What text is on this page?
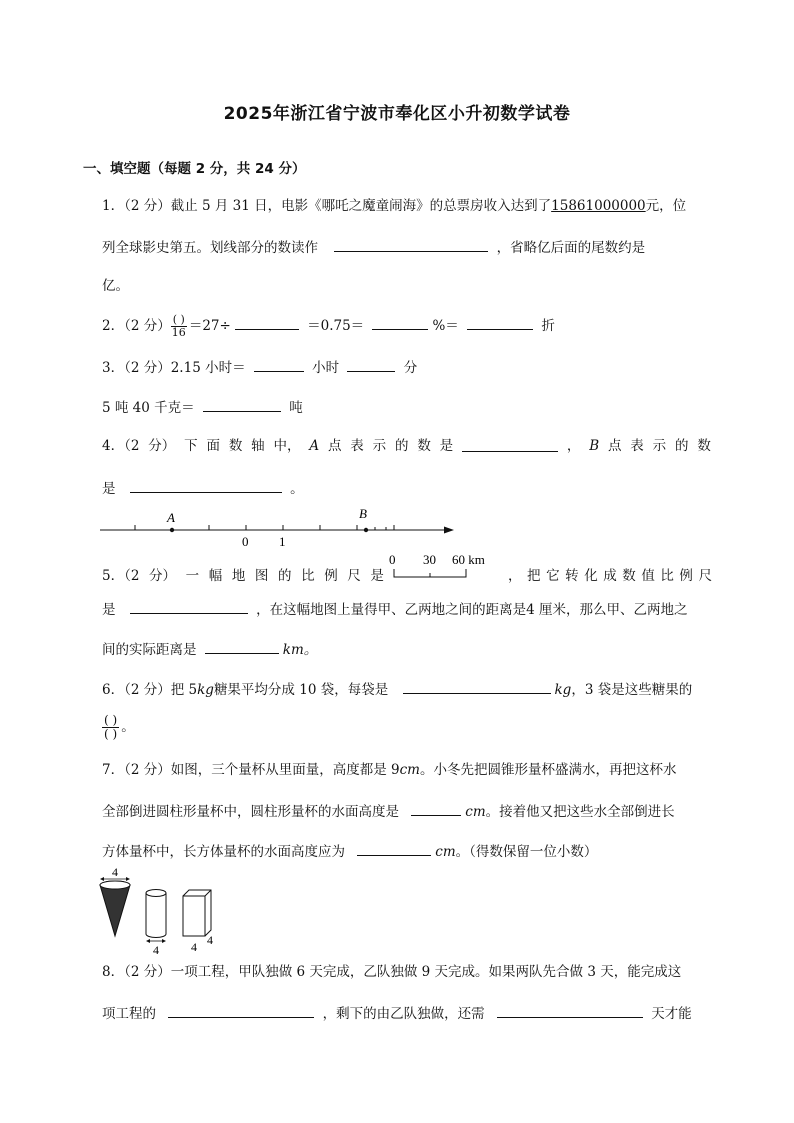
2025年浙江省宁波市奉化区小升初数学试卷
一、填空题（每题 2 分，共 24 分）
1．（2 分）截止 5 月 31 日，电影《哪吒之魔童闹海》的总票房收入达到了15861000000元，位
列全球影史第五。划线部分的数读作	，省略亿后面的尾数约是
亿。
2．（2 分） $\frac{( )}{16} =27\div$	＝0.75＝	%＝	折
3．（2 分）2.15 小时＝	小时	分
5 吨 40 千克＝	吨
4．（2 分） 下 面 数 轴 中， A 点 表 示 的 数 是	， B 点 表 示 的 数
是	。
A	B
0 1
5．（2 分） 一 幅 地 图 的 比 例 尺 是
0 30 60 km
， 把 它 转 化 成 数 值 比 例 尺
是	，在这幅地图上量得甲、乙两地之间的距离是4 厘米，那么甲、乙两地之
间的实际距离是	km。
6．（2 分）把 5kg糖果平均分成 10 袋，每袋是	kg，3 袋是这些糖果的
$\frac{( )}{( )}$ 。
7．（2 分）如图，三个量杯从里面量，高度都是 9cm。小冬先把圆锥形量杯盛满水，再把这杯水
全部倒进圆柱形量杯中，圆柱形量杯的水面高度是	cm。接着他又把这些水全部倒进长
方体量杯中，长方体量杯的水面高度应为	cm。（得数保留一位小数）
4
4	4 4
8．（2 分）一项工程，甲队独做 6 天完成，乙队独做 9 天完成。如果两队先合做 3 天，能完成这
项工程的	，剩下的由乙队独做，还需	天才能
